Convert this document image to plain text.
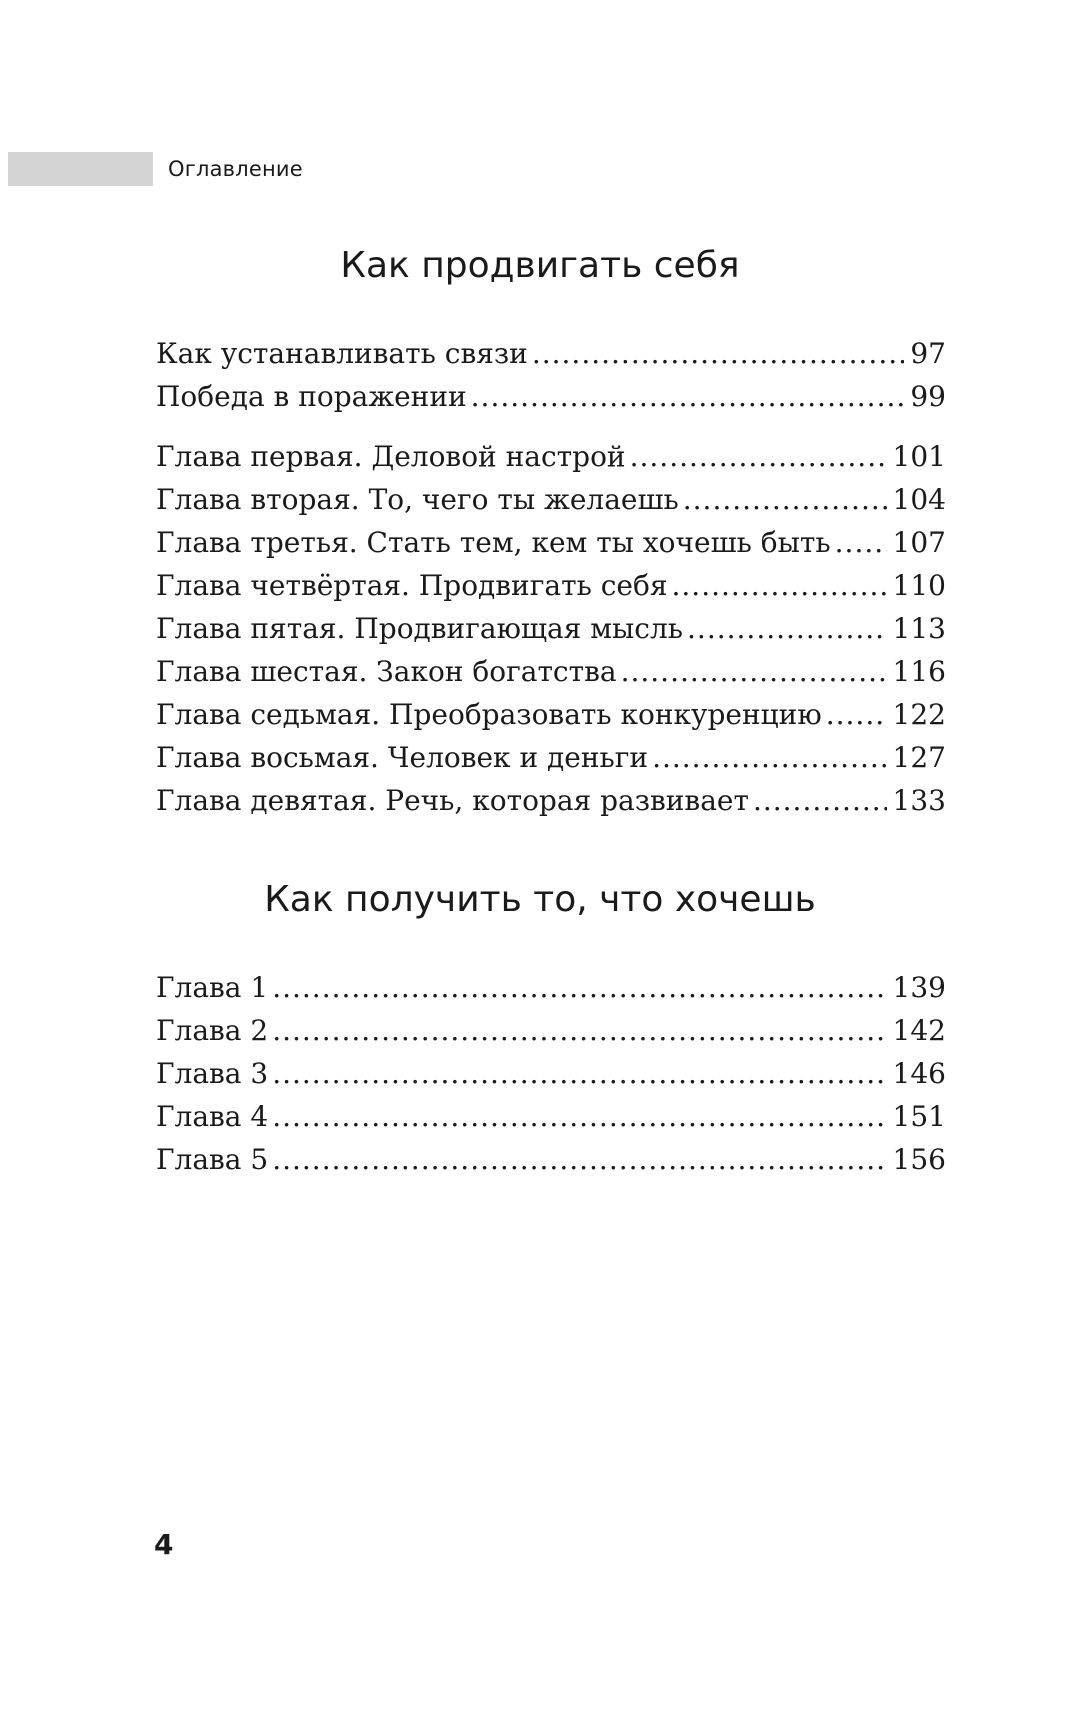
Оглавление
Как продвигать себя
Как устанавливать связи .....	97
Победа в поражении .....	99
Глава первая. Деловой настрой .....	101
Глава вторая. То, чего ты желаешь .....	104
Глава третья. Стать тем, кем ты хочешь быть ..... 107
Глава четвёртая. Продвигать себя .....	110
Глава пятая. Продвигающая мысль .....	113
Глава шестая. Закон богатства .....	116
Глава седьмая. Преобразовать конкуренцию .....	122
Глава восьмая. Человек и деньги .....	127
Глава девятая. Речь, которая развивает .....	133
Как получить то, что хочешь
Глава 1 .....	139
Глава 2 .....	142
Глава 3 .....	146
Глава 4 .....	151
Глава 5 .....	156
4
